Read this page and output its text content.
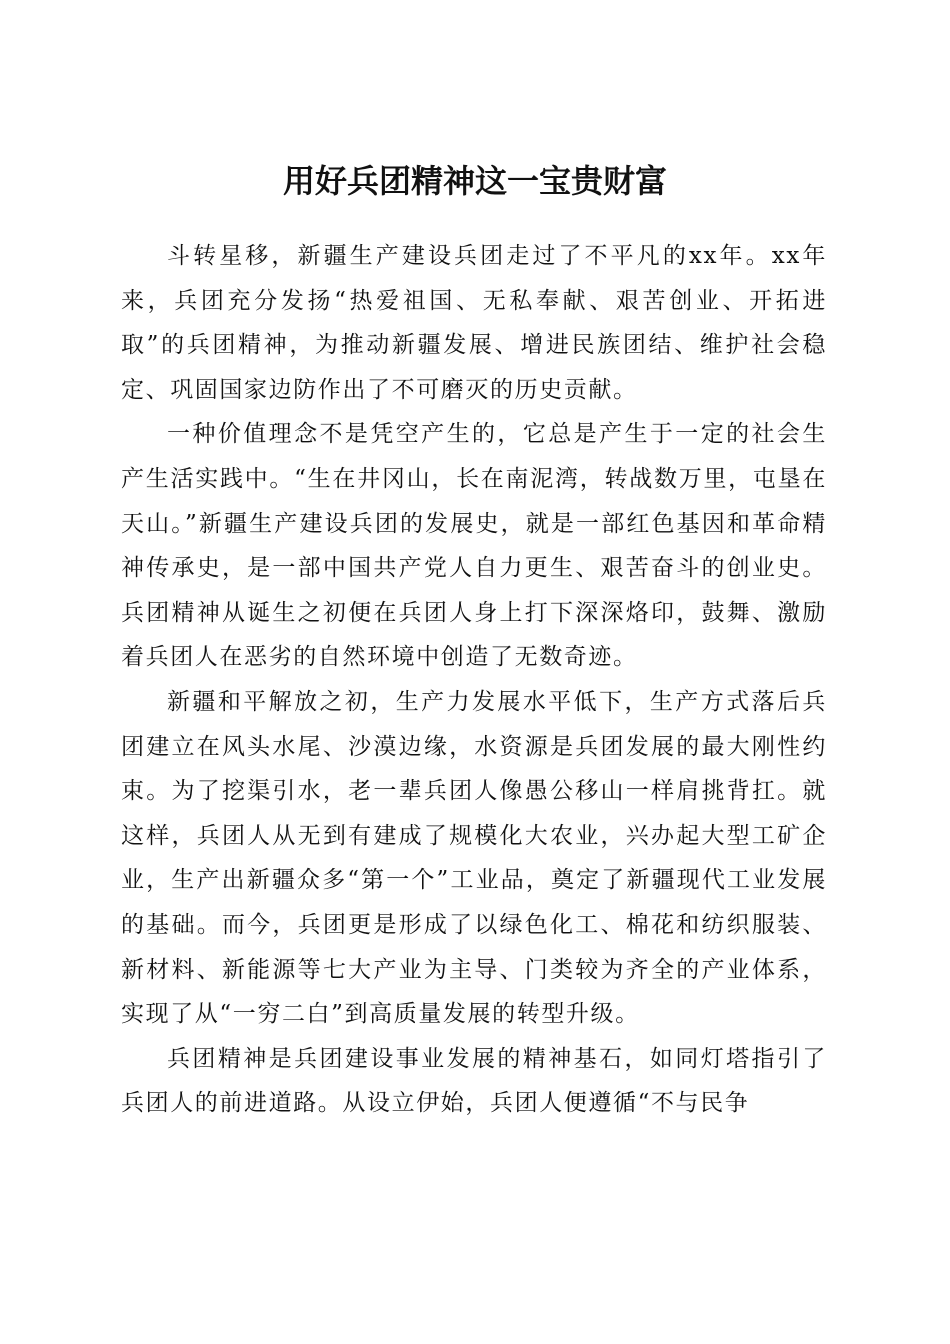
用好兵团精神这一宝贵财富

斗转星移，新疆生产建设兵团走过了不平凡的xx年。xx年来，兵团充分发扬“热爱祖国、无私奉献、艰苦创业、开拓进取”的兵团精神，为推动新疆发展、增进民族团结、维护社会稳定、巩固国家边防作出了不可磨灭的历史贡献。

一种价值理念不是凭空产生的，它总是产生于一定的社会生产生活实践中。“生在井冈山，长在南泥湾，转战数万里，屯垦在天山。”新疆生产建设兵团的发展史，就是一部红色基因和革命精神传承史，是一部中国共产党人自力更生、艰苦奋斗的创业史。兵团精神从诞生之初便在兵团人身上打下深深烙印，鼓舞、激励着兵团人在恶劣的自然环境中创造了无数奇迹。

新疆和平解放之初，生产力发展水平低下，生产方式落后兵团建立在风头水尾、沙漠边缘，水资源是兵团发展的最大刚性约束。为了挖渠引水，老一辈兵团人像愚公移山一样肩挑背扛。就这样，兵团人从无到有建成了规模化大农业，兴办起大型工矿企业，生产出新疆众多“第一个”工业品，奠定了新疆现代工业发展的基础。而今，兵团更是形成了以绿色化工、棉花和纺织服装、新材料、新能源等七大产业为主导、门类较为齐全的产业体系，实现了从“一穷二白”到高质量发展的转型升级。

兵团精神是兵团建设事业发展的精神基石，如同灯塔指引了兵团人的前进道路。从设立伊始，兵团人便遵循“不与民争
